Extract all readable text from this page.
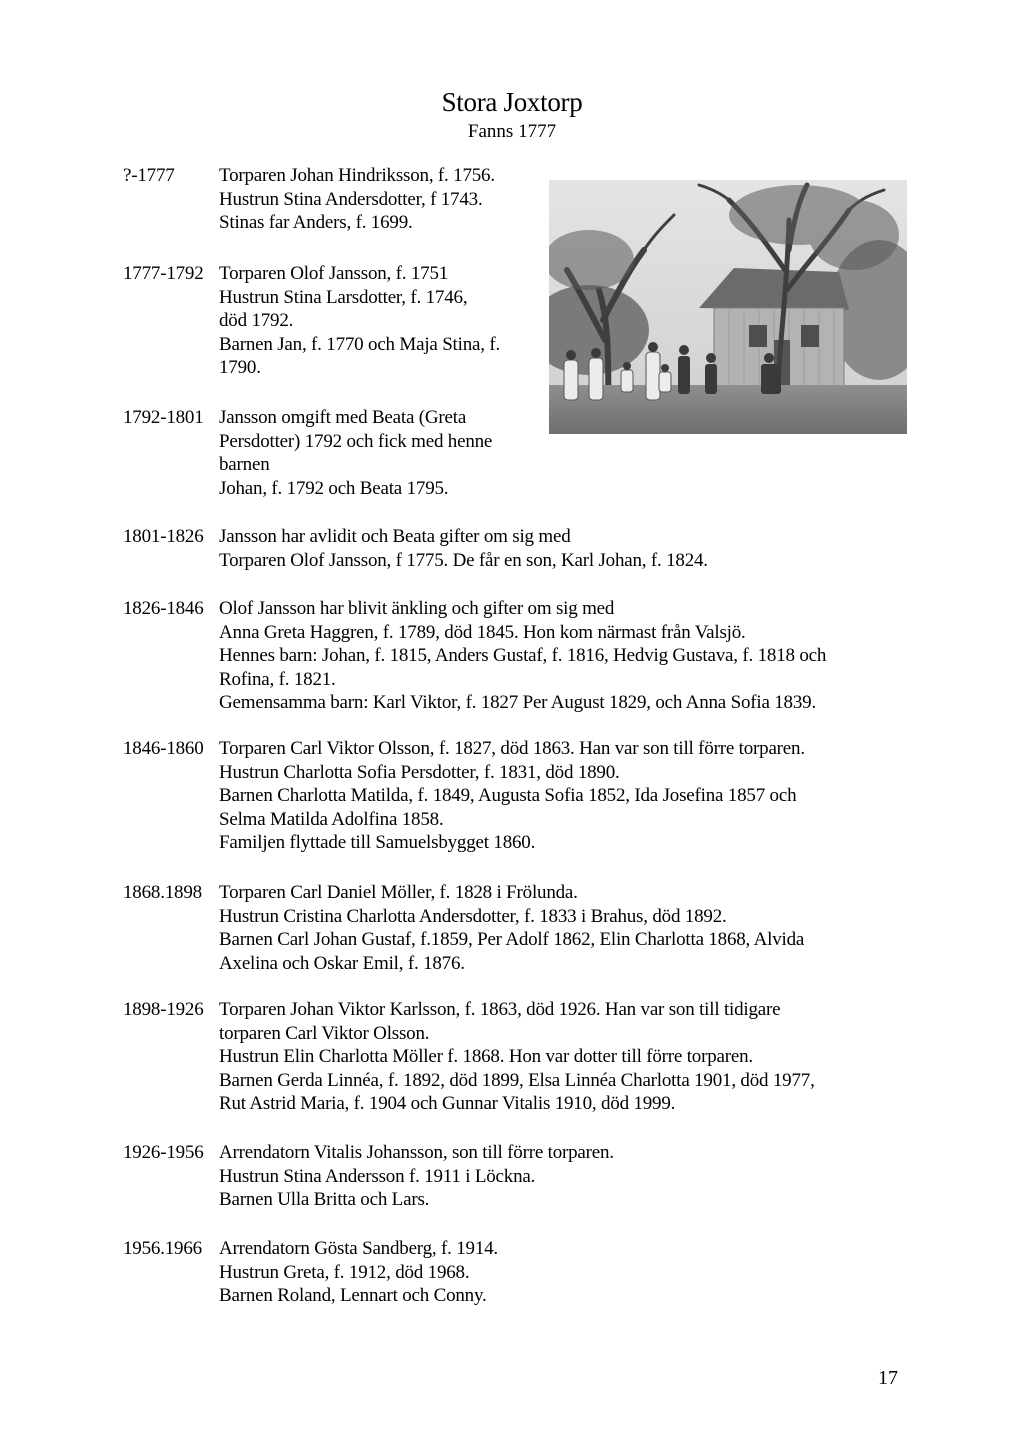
Stora Joxtorp
Fanns 1777
?-1777 Torparen Johan Hindriksson, f. 1756.
Hustrun Stina Andersdotter, f 1743.
Stinas far Anders, f. 1699.
1777-1792 Torparen Olof Jansson, f. 1751
Hustrun Stina Larsdotter, f. 1746,
död 1792.
Barnen Jan, f. 1770 och Maja Stina, f.
1790.
1792-1801 Jansson omgift med Beata (Greta
Persdotter) 1792 och fick med henne
barnen
Johan, f. 1792 och Beata 1795.
1801-1826 Jansson har avlidit och Beata gifter om sig med
Torparen Olof Jansson, f 1775. De får en son, Karl Johan, f. 1824.
1826-1846 Olof Jansson har blivit änkling och gifter om sig med
Anna Greta Haggren, f. 1789, död 1845. Hon kom närmast från Valsjö.
Hennes barn: Johan, f. 1815, Anders Gustaf, f. 1816, Hedvig Gustava, f. 1818 och
Rofina, f. 1821.
Gemensamma barn: Karl Viktor, f. 1827 Per August 1829, och Anna Sofia 1839.
1846-1860 Torparen Carl Viktor Olsson, f. 1827, död 1863. Han var son till förre torparen.
Hustrun Charlotta Sofia Persdotter, f. 1831, död 1890.
Barnen Charlotta Matilda, f. 1849, Augusta Sofia 1852, Ida Josefina 1857 och
Selma Matilda Adolfina 1858.
Familjen flyttade till Samuelsbygget 1860.
1868.1898 Torparen Carl Daniel Möller, f. 1828 i Frölunda.
Hustrun Cristina Charlotta Andersdotter, f. 1833 i Brahus, död 1892.
Barnen Carl Johan Gustaf, f.1859, Per Adolf 1862, Elin Charlotta 1868, Alvida
Axelina och Oskar Emil, f. 1876.
1898-1926 Torparen Johan Viktor Karlsson, f. 1863, död 1926. Han var son till tidigare
torparen Carl Viktor Olsson.
Hustrun Elin Charlotta Möller f. 1868. Hon var dotter till förre torparen.
Barnen Gerda Linnéa, f. 1892, död 1899, Elsa Linnéa Charlotta 1901, död 1977,
Rut Astrid Maria, f. 1904 och Gunnar Vitalis 1910, död 1999.
1926-1956 Arrendatorn Vitalis Johansson, son till förre torparen.
Hustrun Stina Andersson f. 1911 i Löckna.
Barnen Ulla Britta och Lars.
1956.1966 Arrendatorn Gösta Sandberg, f. 1914.
Hustrun Greta, f. 1912, död 1968.
Barnen Roland, Lennart och Conny.
17
